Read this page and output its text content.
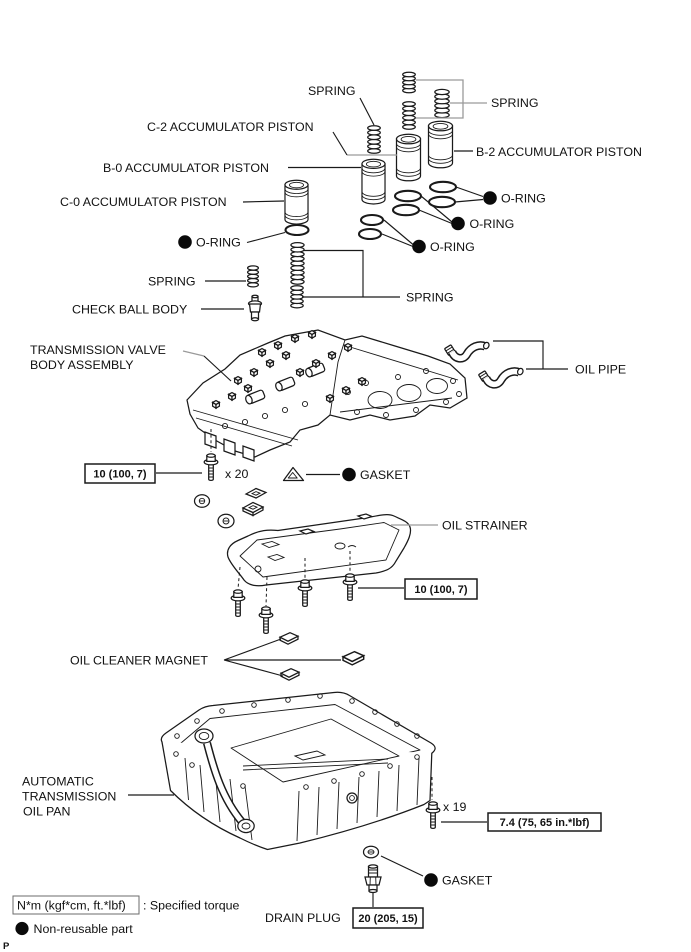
SPRING
SPRING
C-2 ACCUMULATOR PISTON
B-2 ACCUMULATOR PISTON
B-0 ACCUMULATOR PISTON
C-0 ACCUMULATOR PISTON	O-RING
O-RING
O-RING
O-RING
SPRING
CHECK BALL BODY
SPRING
TRANSMISSION VALVE
BODY ASSEMBLY	OIL PIPE
x 20	GASKET
OIL STRAINER
OIL CLEANER MAGNET
AUTOMATIC
TRANSMISSION
OIL PAN	x 19
GASKET
DRAIN PLUG
10 (100, 7)
10 (100, 7)
7.4 (75, 65 in.*lbf)
20 (205, 15)
N*m (kgf*cm, ft.*lbf) : Specified torque
Non-reusable part
P
